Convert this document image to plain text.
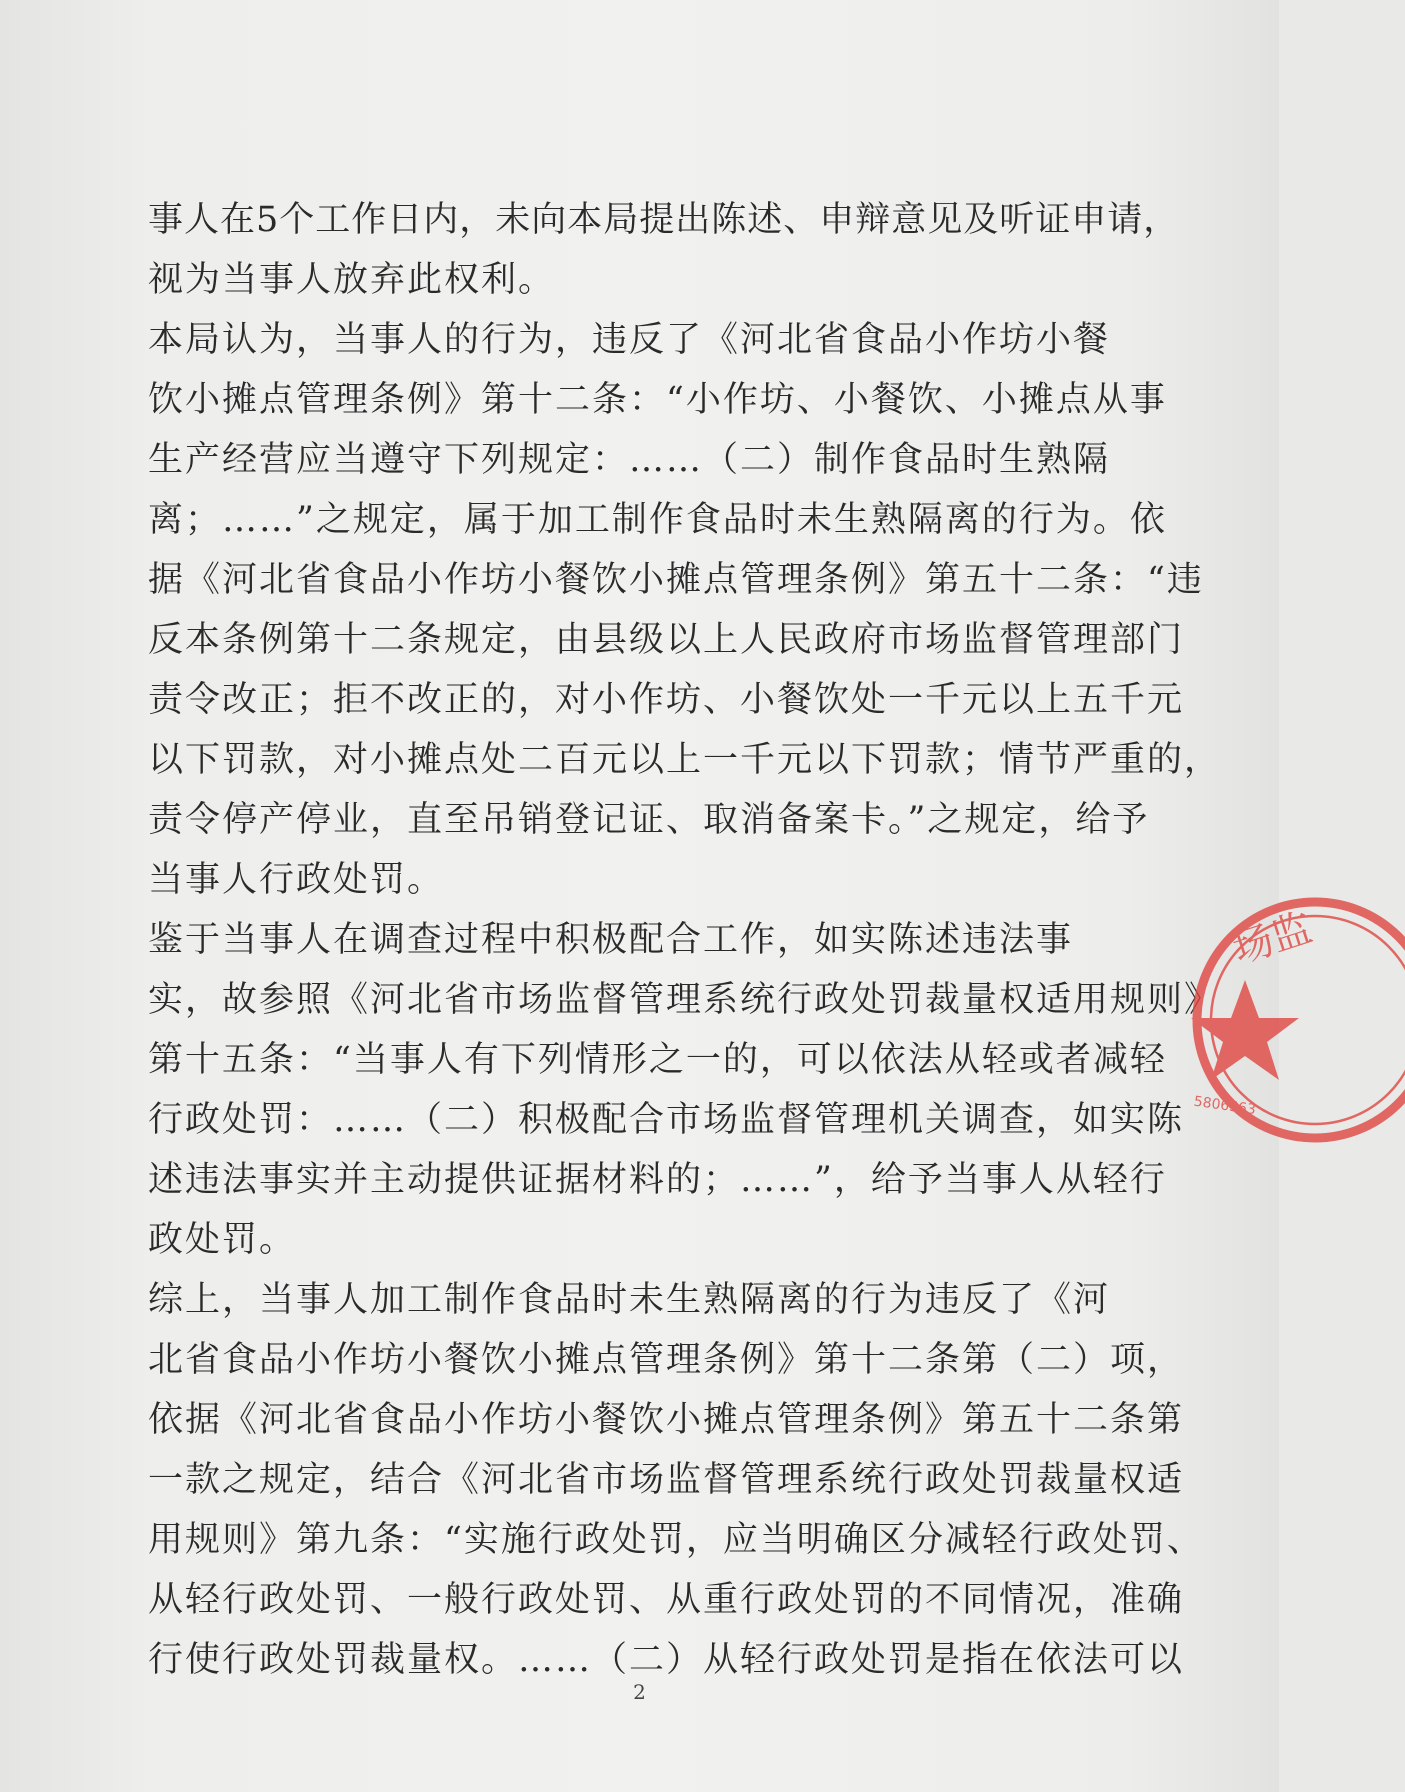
事人在5个工作日内，未向本局提出陈述、申辩意见及听证申请，
视为当事人放弃此权利。
本局认为，当事人的行为，违反了《河北省食品小作坊小餐
饮小摊点管理条例》第十二条：“小作坊、小餐饮、小摊点从事
生产经营应当遵守下列规定：……（二）制作食品时生熟隔
离；……”之规定，属于加工制作食品时未生熟隔离的行为。依
据《河北省食品小作坊小餐饮小摊点管理条例》第五十二条：“违
反本条例第十二条规定，由县级以上人民政府市场监督管理部门
责令改正；拒不改正的，对小作坊、小餐饮处一千元以上五千元
以下罚款，对小摊点处二百元以上一千元以下罚款；情节严重的，
责令停产停业，直至吊销登记证、取消备案卡。”之规定，给予
当事人行政处罚。
鉴于当事人在调查过程中积极配合工作，如实陈述违法事
实，故参照《河北省市场监督管理系统行政处罚裁量权适用规则》
第十五条：“当事人有下列情形之一的，可以依法从轻或者减轻
行政处罚：……（二）积极配合市场监督管理机关调查，如实陈
述违法事实并主动提供证据材料的；……”，给予当事人从轻行
政处罚。
综上，当事人加工制作食品时未生熟隔离的行为违反了《河
北省食品小作坊小餐饮小摊点管理条例》第十二条第（二）项，
依据《河北省食品小作坊小餐饮小摊点管理条例》第五十二条第
一款之规定，结合《河北省市场监督管理系统行政处罚裁量权适
用规则》第九条：“实施行政处罚，应当明确区分减轻行政处罚、
从轻行政处罚、一般行政处罚、从重行政处罚的不同情况，准确
行使行政处罚裁量权。……（二）从轻行政处罚是指在依法可以
场监
5806563
2
